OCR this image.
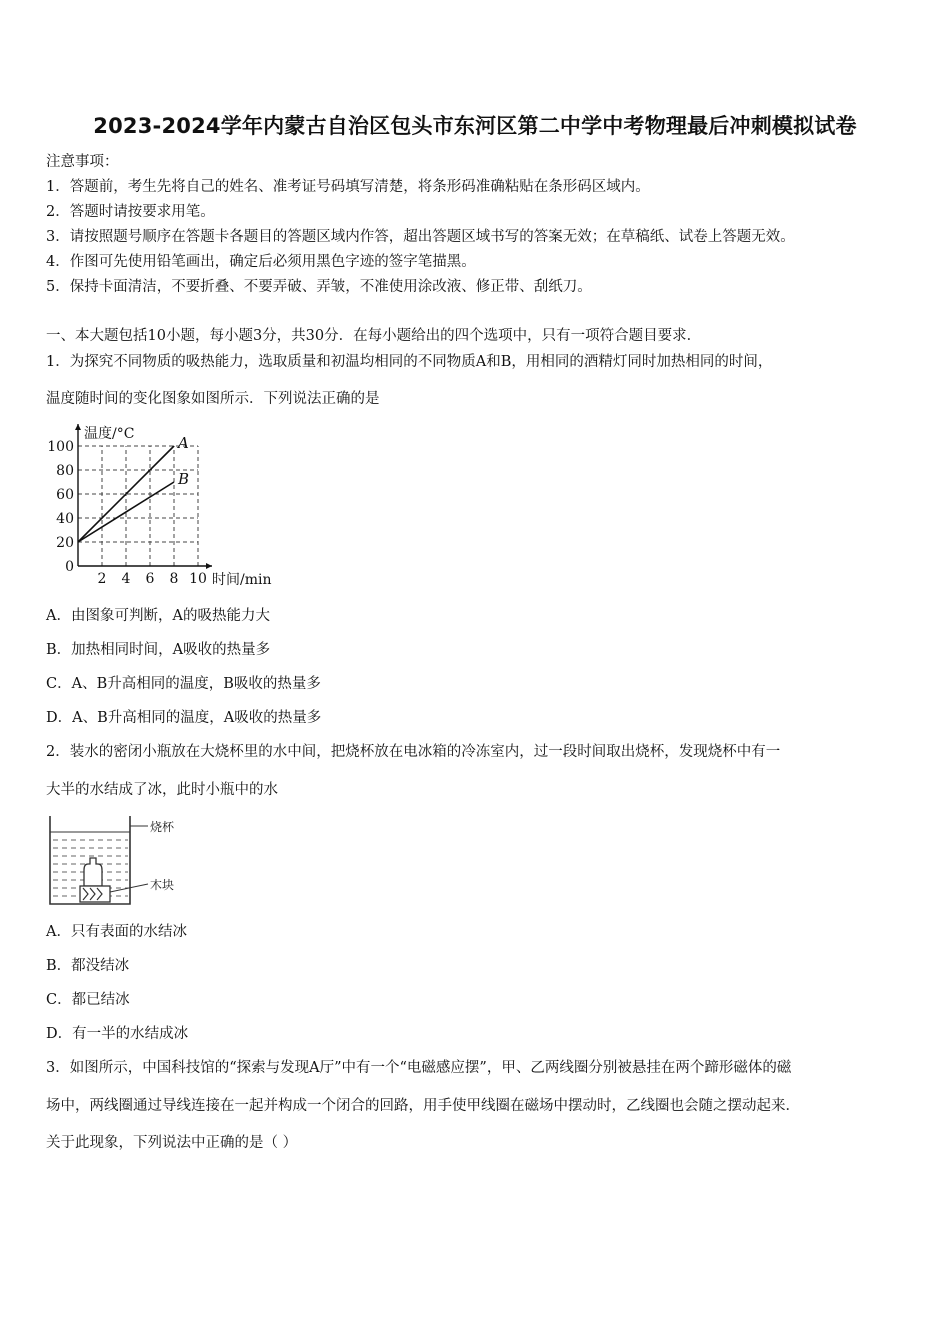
2023-2024学年内蒙古自治区包头市东河区第二中学中考物理最后冲刺模拟试卷
注意事项：
1．答题前，考生先将自己的姓名、准考证号码填写清楚，将条形码准确粘贴在条形码区域内。
2．答题时请按要求用笔。
3．请按照题号顺序在答题卡各题目的答题区域内作答，超出答题区域书写的答案无效；在草稿纸、试卷上答题无效。
4．作图可先使用铅笔画出，确定后必须用黑色字迹的签字笔描黑。
5．保持卡面清洁，不要折叠、不要弄破、弄皱，不准使用涂改液、修正带、刮纸刀。
一、本大题包括10小题，每小题3分，共30分．在每小题给出的四个选项中，只有一项符合题目要求．
1．为探究不同物质的吸热能力，选取质量和初温均相同的不同物质A和B，用相同的酒精灯同时加热相同的时间，
温度随时间的变化图象如图所示．下列说法正确的是
A
B
0
20
40
60
80
100
2 4 6 8 10
温度/°C
时间/min
A．由图象可判断，A的吸热能力大
B．加热相同时间，A吸收的热量多
C．A、B升高相同的温度，B吸收的热量多
D．A、B升高相同的温度，A吸收的热量多
2．装水的密闭小瓶放在大烧杯里的水中间，把烧杯放在电冰箱的冷冻室内，过一段时间取出烧杯，发现烧杯中有一
大半的水结成了冰，此时小瓶中的水
烧杯
木块
A．只有表面的水结冰
B．都没结冰
C．都已结冰
D．有一半的水结成冰
3．如图所示，中国科技馆的“探索与发现A厅”中有一个“电磁感应摆”，甲、乙两线圈分别被悬挂在两个蹄形磁体的磁
场中，两线圈通过导线连接在一起并构成一个闭合的回路，用手使甲线圈在磁场中摆动时，乙线圈也会随之摆动起来．
关于此现象，下列说法中正确的是（ ）
